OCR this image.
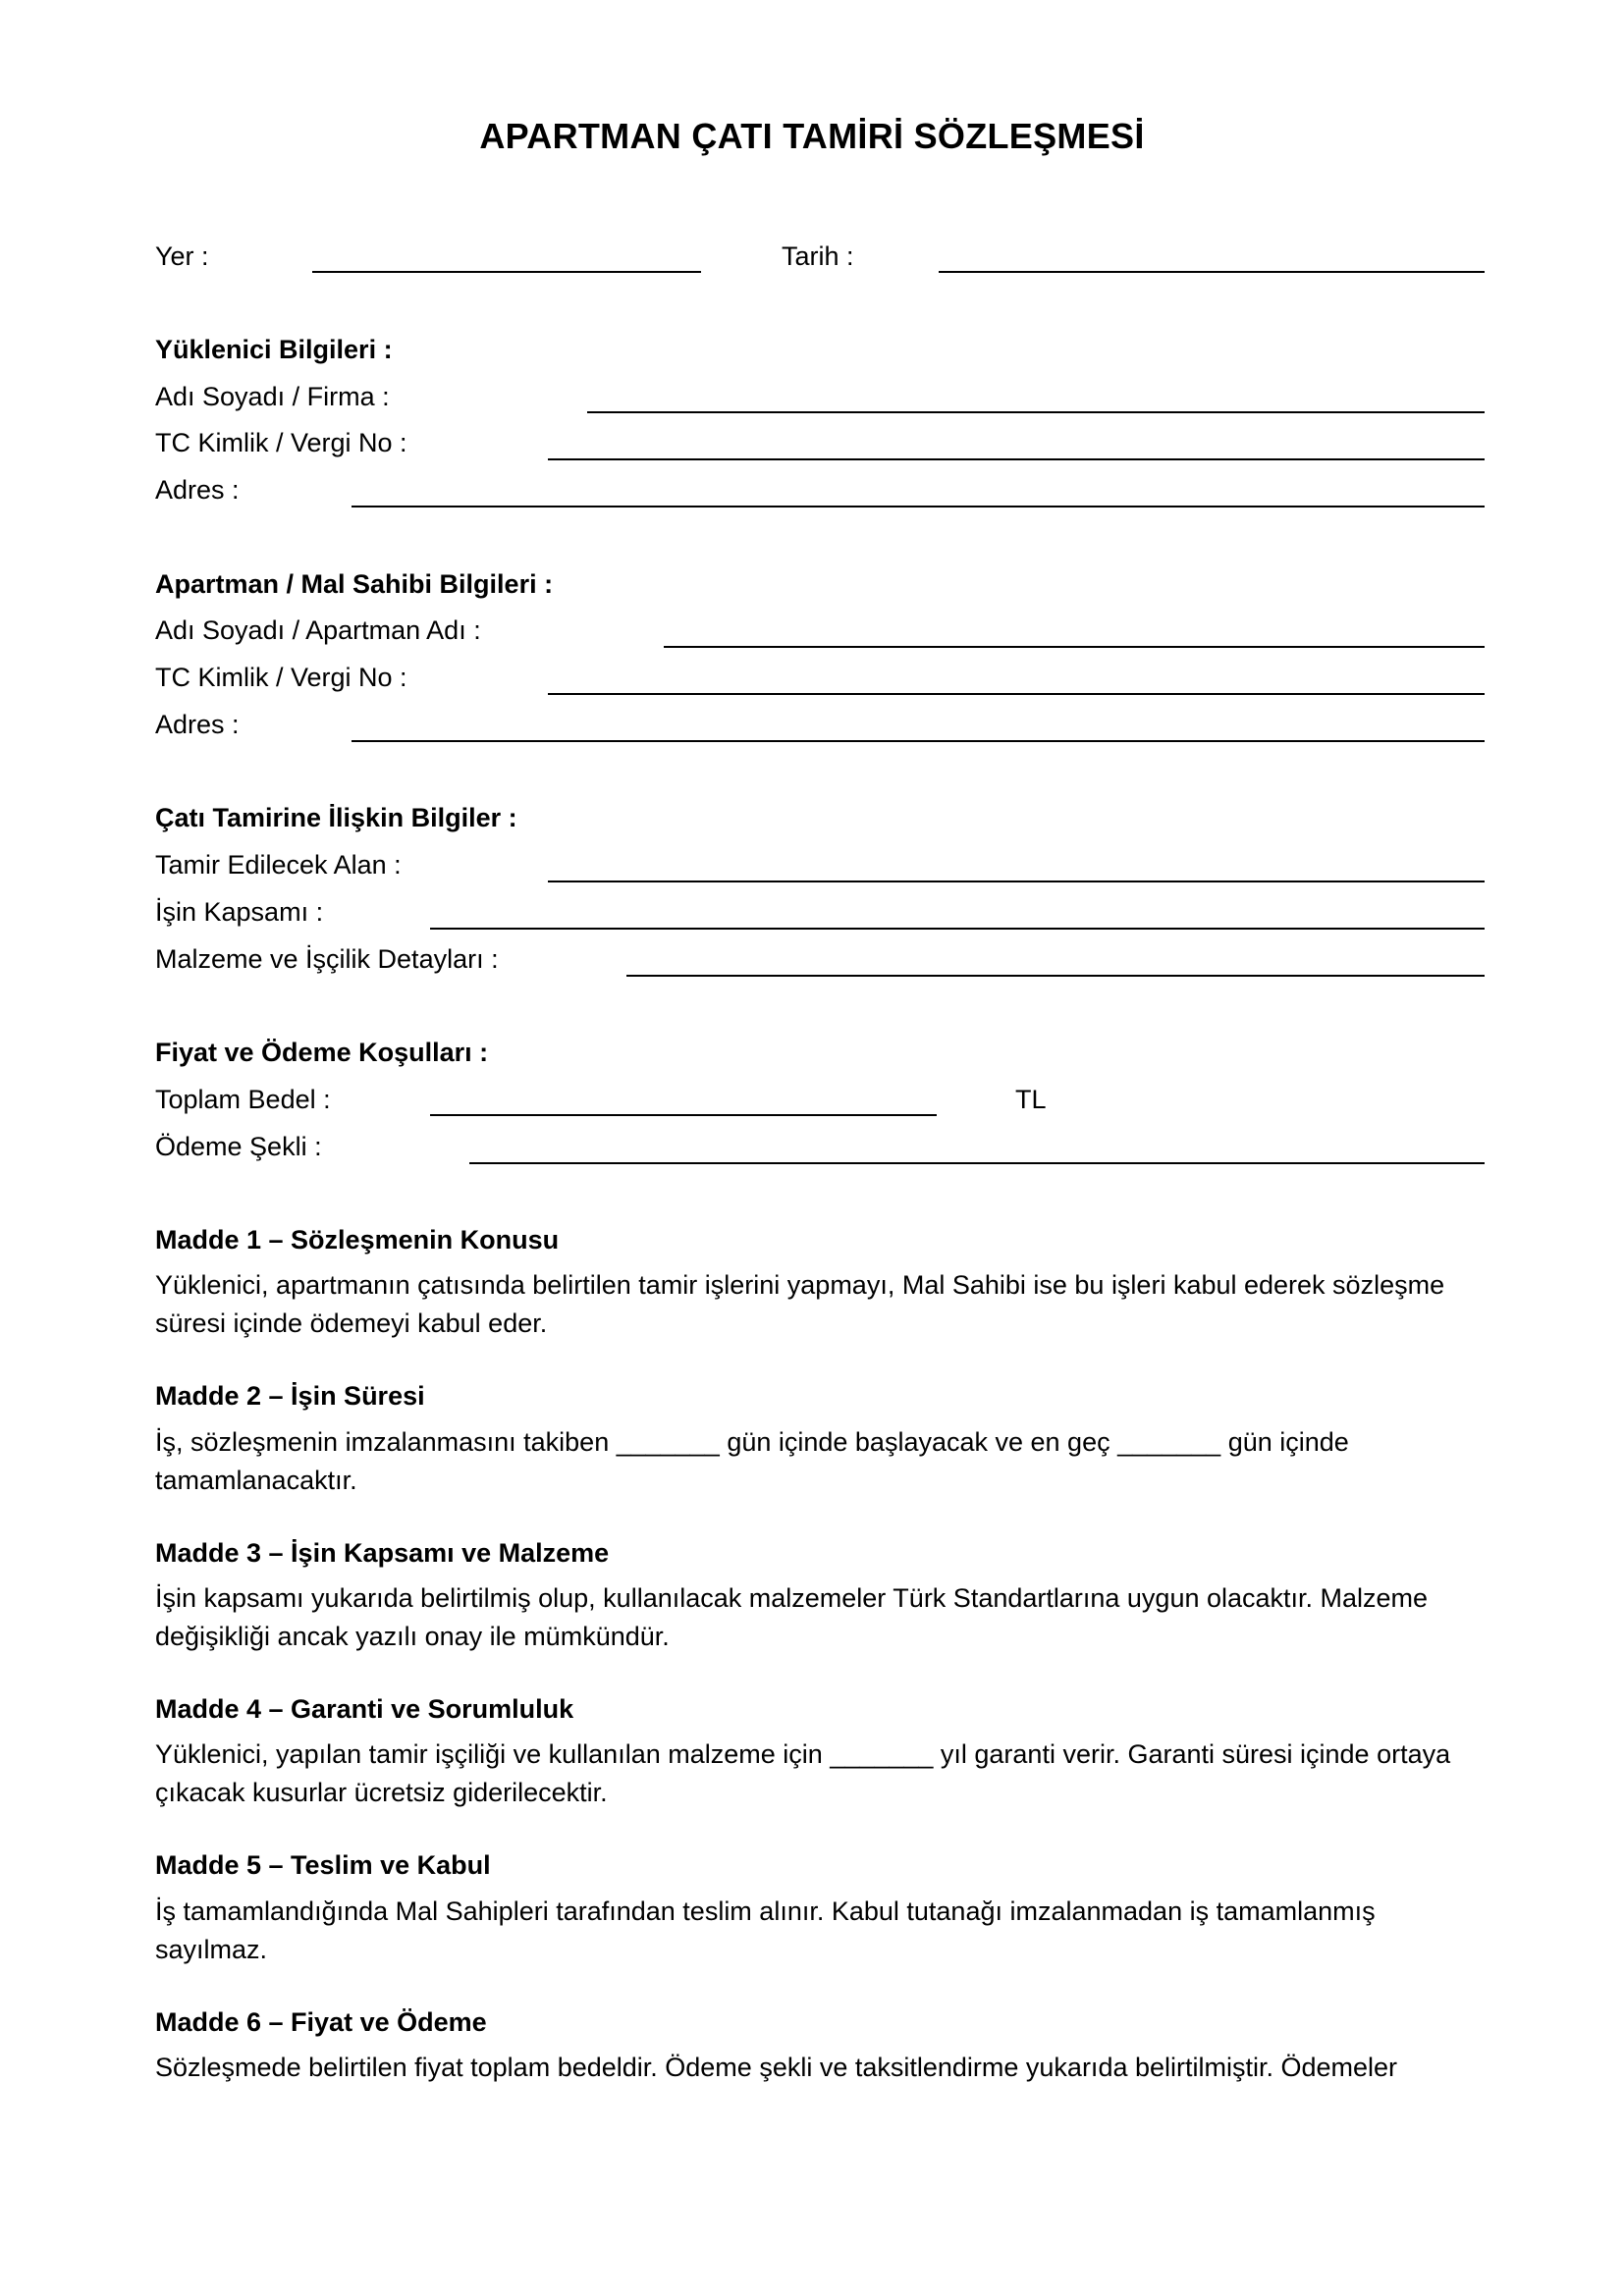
APARTMAN ÇATI TAMİRİ SÖZLEŞMESİ
Yer :	Tarih :
Yüklenici Bilgileri :
Adı Soyadı / Firma :
TC Kimlik / Vergi No :
Adres :
Apartman / Mal Sahibi Bilgileri :
Adı Soyadı / Apartman Adı :
TC Kimlik / Vergi No :
Adres :
Çatı Tamirine İlişkin Bilgiler :
Tamir Edilecek Alan :
İşin Kapsamı :
Malzeme ve İşçilik Detayları :
Fiyat ve Ödeme Koşulları :
Toplam Bedel :	TL
Ödeme Şekli :
Madde 1 – Sözleşmenin Konusu
Yüklenici, apartmanın çatısında belirtilen tamir işlerini yapmayı, Mal Sahibi ise bu işleri kabul ederek sözleşme süresi içinde ödemeyi kabul eder.
Madde 2 – İşin Süresi
İş, sözleşmenin imzalanmasını takiben _______ gün içinde başlayacak ve en geç _______ gün içinde tamamlanacaktır.
Madde 3 – İşin Kapsamı ve Malzeme
İşin kapsamı yukarıda belirtilmiş olup, kullanılacak malzemeler Türk Standartlarına uygun olacaktır. Malzeme değişikliği ancak yazılı onay ile mümkündür.
Madde 4 – Garanti ve Sorumluluk
Yüklenici, yapılan tamir işçiliği ve kullanılan malzeme için _______ yıl garanti verir. Garanti süresi içinde ortaya çıkacak kusurlar ücretsiz giderilecektir.
Madde 5 – Teslim ve Kabul
İş tamamlandığında Mal Sahipleri tarafından teslim alınır. Kabul tutanağı imzalanmadan iş tamamlanmış sayılmaz.
Madde 6 – Fiyat ve Ödeme
Sözleşmede belirtilen fiyat toplam bedeldir. Ödeme şekli ve taksitlendirme yukarıda belirtilmiştir. Ödemeler
